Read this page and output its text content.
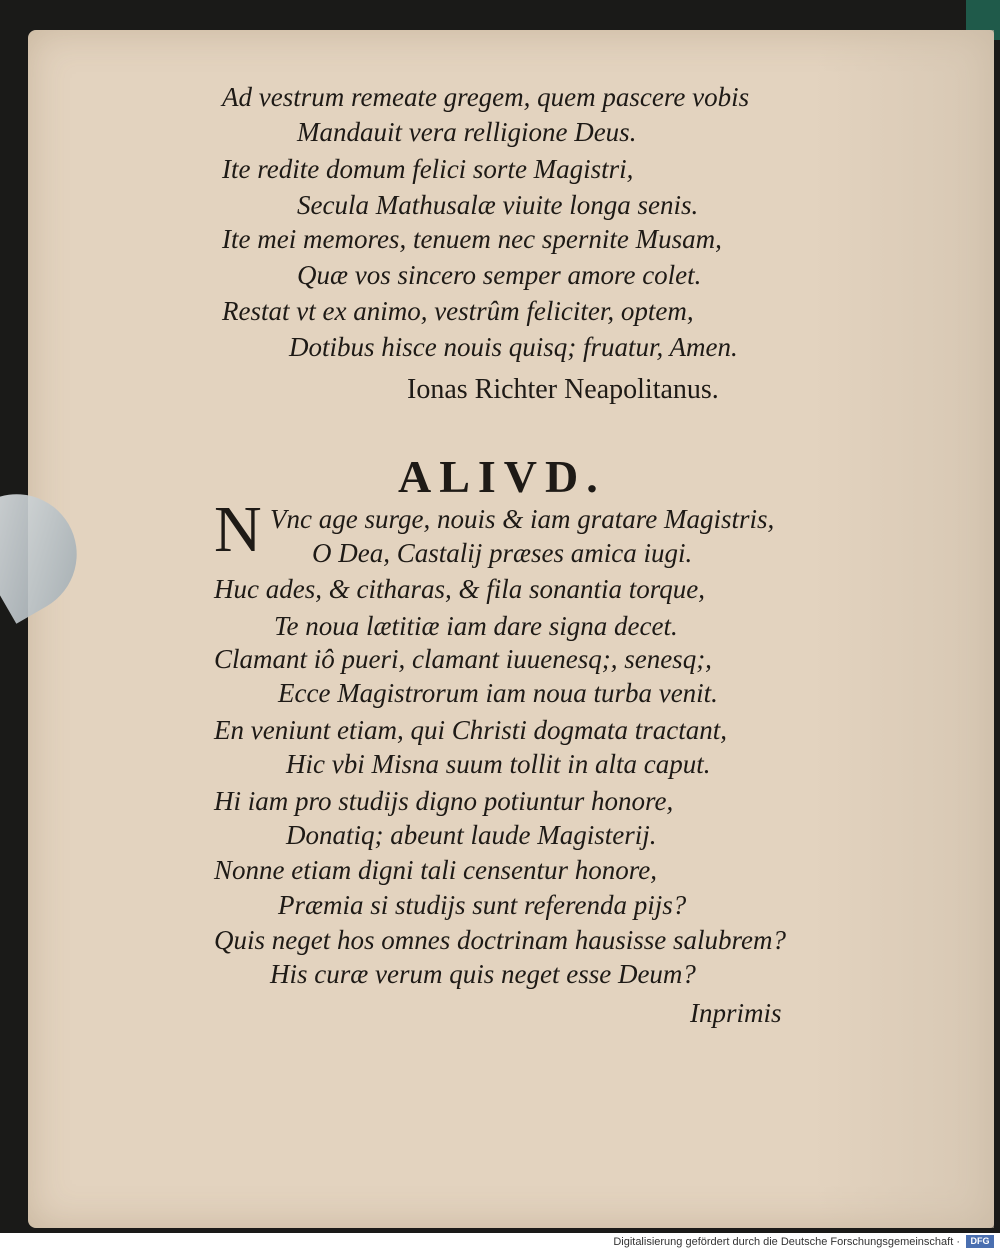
Ad vestrum remeate gregem, quem pascere vobis
Mandauit vera relligione Deus.
Ite redite domum felici sorte Magistri,
Secula Mathusalæ viuite longa senis.
Ite mei memores, tenuem nec spernite Musam,
Quæ vos sincero semper amore colet.
Restat vt ex animo, vestrûm feliciter, optem,
Dotibus hisce nouis quisq; fruatur, Amen.
Ionas Richter Neapolitanus.
ALIVD.
N Vnc age surge, nouis & iam gratare Magistris,
O Dea, Castalij præses amica iugi.
Huc ades, & citharas, & fila sonantia torque,
Te noua lætitiæ iam dare signa decet.
Clamant iô pueri, clamant iuuenesq;, senesq;,
Ecce Magistrorum iam noua turba venit.
En veniunt etiam, qui Christi dogmata tractant,
Hic vbi Misna suum tollit in alta caput.
Hi iam pro studijs digno potiuntur honore,
Donatiq; abeunt laude Magisterij.
Nonne etiam digni tali censentur honore,
Præmia si studijs sunt referenda pijs?
Quis neget hos omnes doctrinam hausisse salubrem?
His curæ verum quis neget esse Deum?
Inprimis
Digitalisierung gefördert durch die Deutsche Forschungsgemeinschaft ·	DFG
